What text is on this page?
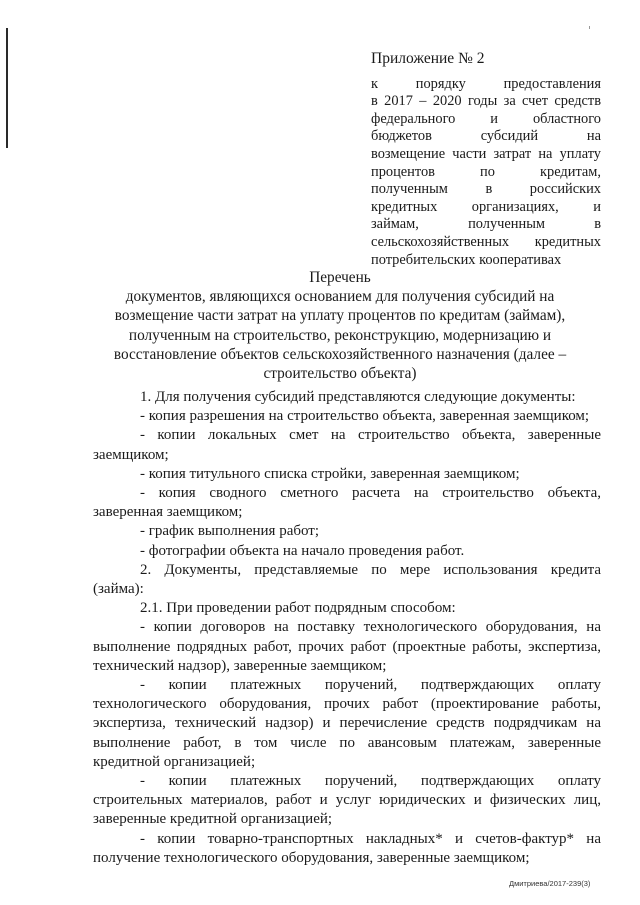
Приложение № 2
к порядку предоставления
в 2017 – 2020 годы за счет средств
федерального и областного
бюджетов субсидий на
возмещение части затрат на уплату
процентов по кредитам,
полученным в российских
кредитных организациях, и
займам, полученным в
сельскохозяйственных кредитных
потребительских кооперативах
Перечень
документов, являющихся основанием для получения субсидий на
возмещение части затрат на уплату процентов по кредитам (займам),
полученным на строительство, реконструкцию, модернизацию и
восстановление объектов сельскохозяйственного назначения (далее –
строительство объекта)
1. Для получения субсидий представляются следующие документы:
- копия разрешения на строительство объекта, заверенная заемщиком;
- копии локальных смет на строительство объекта, заверенные
заемщиком;
- копия титульного списка стройки, заверенная заемщиком;
- копия сводного сметного расчета на строительство объекта,
заверенная заемщиком;
- график выполнения работ;
- фотографии объекта на начало проведения работ.
2. Документы, представляемые по мере использования кредита
(займа):
2.1. При проведении работ подрядным способом:
- копии договоров на поставку технологического оборудования, на
выполнение подрядных работ, прочих работ (проектные работы, экспертиза,
технический надзор), заверенные заемщиком;
- копии платежных поручений, подтверждающих оплату
технологического оборудования, прочих работ (проектирование работы,
экспертиза, технический надзор) и перечисление средств подрядчикам на
выполнение работ, в том числе по авансовым платежам, заверенные
кредитной организацией;
- копии платежных поручений, подтверждающих оплату
строительных материалов, работ и услуг юридических и физических лиц,
заверенные кредитной организацией;
- копии товарно-транспортных накладных* и счетов-фактур* на
получение технологического оборудования, заверенные заемщиком;
Дмитриева/2017-239(3)
